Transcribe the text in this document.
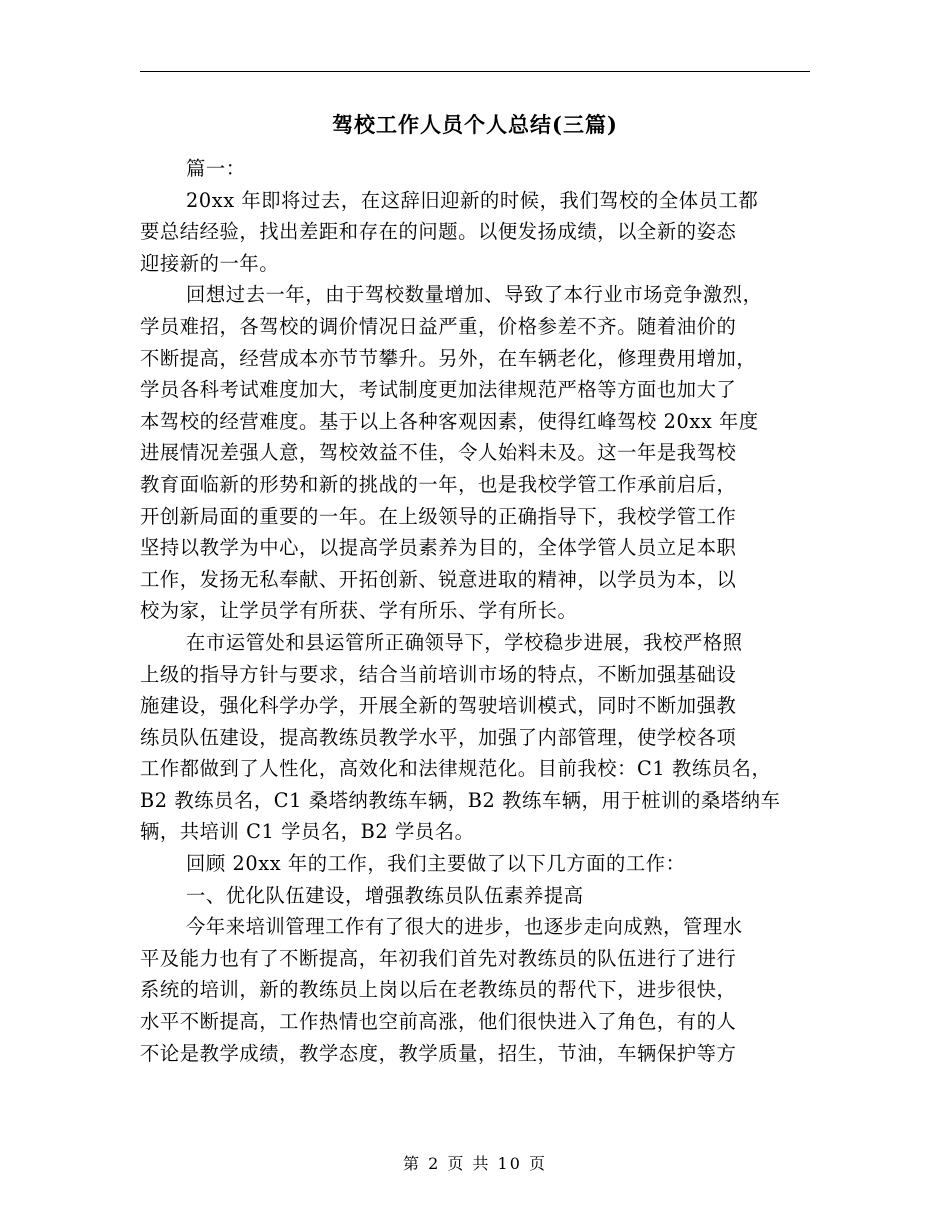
驾校工作人员个人总结(三篇)

篇一：

20xx 年即将过去，在这辞旧迎新的时候，我们驾校的全体员工都
要总结经验，找出差距和存在的问题。以便发扬成绩，以全新的姿态
迎接新的一年。

回想过去一年，由于驾校数量增加、导致了本行业市场竞争激烈，
学员难招，各驾校的调价情况日益严重，价格参差不齐。随着油价的
不断提高，经营成本亦节节攀升。另外，在车辆老化，修理费用增加，
学员各科考试难度加大，考试制度更加法律规范严格等方面也加大了
本驾校的经营难度。基于以上各种客观因素，使得红峰驾校 20xx 年度
进展情况差强人意，驾校效益不佳，令人始料未及。这一年是我驾校
教育面临新的形势和新的挑战的一年，也是我校学管工作承前启后，
开创新局面的重要的一年。在上级领导的正确指导下，我校学管工作
坚持以教学为中心，以提高学员素养为目的，全体学管人员立足本职
工作，发扬无私奉献、开拓创新、锐意进取的精神，以学员为本，以
校为家，让学员学有所获、学有所乐、学有所长。

在市运管处和县运管所正确领导下，学校稳步进展，我校严格照
上级的指导方针与要求，结合当前培训市场的特点，不断加强基础设
施建设，强化科学办学，开展全新的驾驶培训模式，同时不断加强教
练员队伍建设，提高教练员教学水平，加强了内部管理，使学校各项
工作都做到了人性化，高效化和法律规范化。目前我校：C1 教练员名，
B2 教练员名，C1 桑塔纳教练车辆，B2 教练车辆，用于桩训的桑塔纳车
辆，共培训 C1 学员名，B2 学员名。

回顾 20xx 年的工作，我们主要做了以下几方面的工作：

一、优化队伍建设，增强教练员队伍素养提高

今年来培训管理工作有了很大的进步，也逐步走向成熟，管理水
平及能力也有了不断提高，年初我们首先对教练员的队伍进行了进行
系统的培训，新的教练员上岗以后在老教练员的帮代下，进步很快，
水平不断提高，工作热情也空前高涨，他们很快进入了角色，有的人
不论是教学成绩，教学态度，教学质量，招生，节油，车辆保护等方

第 2 页 共 10 页
